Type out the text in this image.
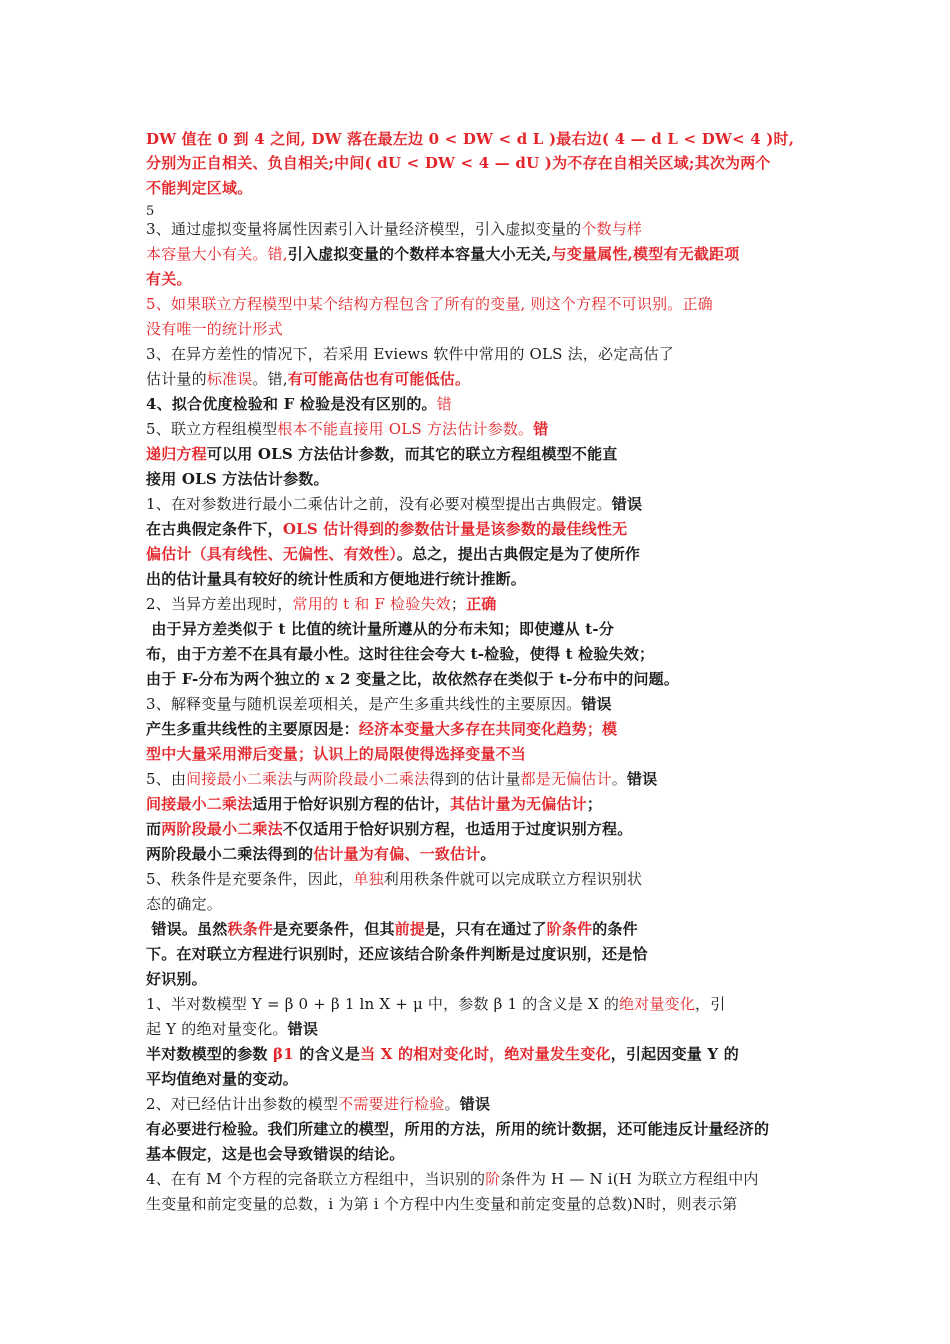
DW 值在 0 到 4 之间, DW 落在最左边 0 < DW < d L )最右边( 4 — d L < DW< 4 )时,
分别为正自相关、负自相关;中间( dU < DW < 4 — dU )为不存在自相关区域;其次为两个
不能判定区域。
5
3、通过虚拟变量将属性因素引入计量经济模型，引入虚拟变量的个数与样
本容量大小有关。错,引入虚拟变量的个数样本容量大小无关,与变量属性,模型有无截距项
有关。
5、如果联立方程模型中某个结构方程包含了所有的变量, 则这个方程不可识别。正确
没有唯一的统计形式
3、在异方差性的情况下，若采用 Eviews 软件中常用的 OLS 法，必定高估了
估计量的标准误。错,有可能高估也有可能低估。
4、拟合优度检验和 F 检验是没有区别的。错
5、联立方程组模型根本不能直接用 OLS 方法估计参数。错
递归方程可以用 OLS 方法估计参数，而其它的联立方程组模型不能直
接用 OLS 方法估计参数。
1、在对参数进行最小二乘估计之前，没有必要对模型提出古典假定。错误
在古典假定条件下，OLS 估计得到的参数估计量是该参数的最佳线性无
偏估计（具有线性、无偏性、有效性）。总之，提出古典假定是为了使所作
出的估计量具有较好的统计性质和方便地进行统计推断。
2、当异方差出现时，常用的 t 和 F 检验失效；正确
由于异方差类似于 t 比值的统计量所遵从的分布未知；即使遵从 t-分
布，由于方差不在具有最小性。这时往往会夸大 t-检验，使得 t 检验失效；
由于 F-分布为两个独立的 x 2 变量之比，故依然存在类似于 t-分布中的问题。
3、解释变量与随机误差项相关，是产生多重共线性的主要原因。错误
产生多重共线性的主要原因是：经济本变量大多存在共同变化趋势；模
型中大量采用滞后变量；认识上的局限使得选择变量不当
5、由间接最小二乘法与两阶段最小二乘法得到的估计量都是无偏估计。错误
间接最小二乘法适用于恰好识别方程的估计，其估计量为无偏估计；
而两阶段最小二乘法不仅适用于恰好识别方程，也适用于过度识别方程。
两阶段最小二乘法得到的估计量为有偏、一致估计。
5、秩条件是充要条件，因此，单独利用秩条件就可以完成联立方程识别状
态的确定。
错误。虽然秩条件是充要条件，但其前提是，只有在通过了阶条件的条件
下。在对联立方程进行识别时，还应该结合阶条件判断是过度识别，还是恰
好识别。
1、半对数模型 Y = β 0 + β 1 ln X + μ 中，参数 β 1 的含义是 X 的绝对量变化，引
起 Y 的绝对量变化。错误
半对数模型的参数 β1 的含义是当 X 的相对变化时，绝对量发生变化，引起因变量 Y 的
平均值绝对量的变动。
2、对已经估计出参数的模型不需要进行检验。错误
有必要进行检验。我们所建立的模型，所用的方法，所用的统计数据，还可能违反计量经济的
基本假定，这是也会导致错误的结论。
4、在有 M 个方程的完备联立方程组中，当识别的阶条件为 H — N i(H 为联立方程组中内
生变量和前定变量的总数，i 为第 i 个方程中内生变量和前定变量的总数)N时，则表示第
